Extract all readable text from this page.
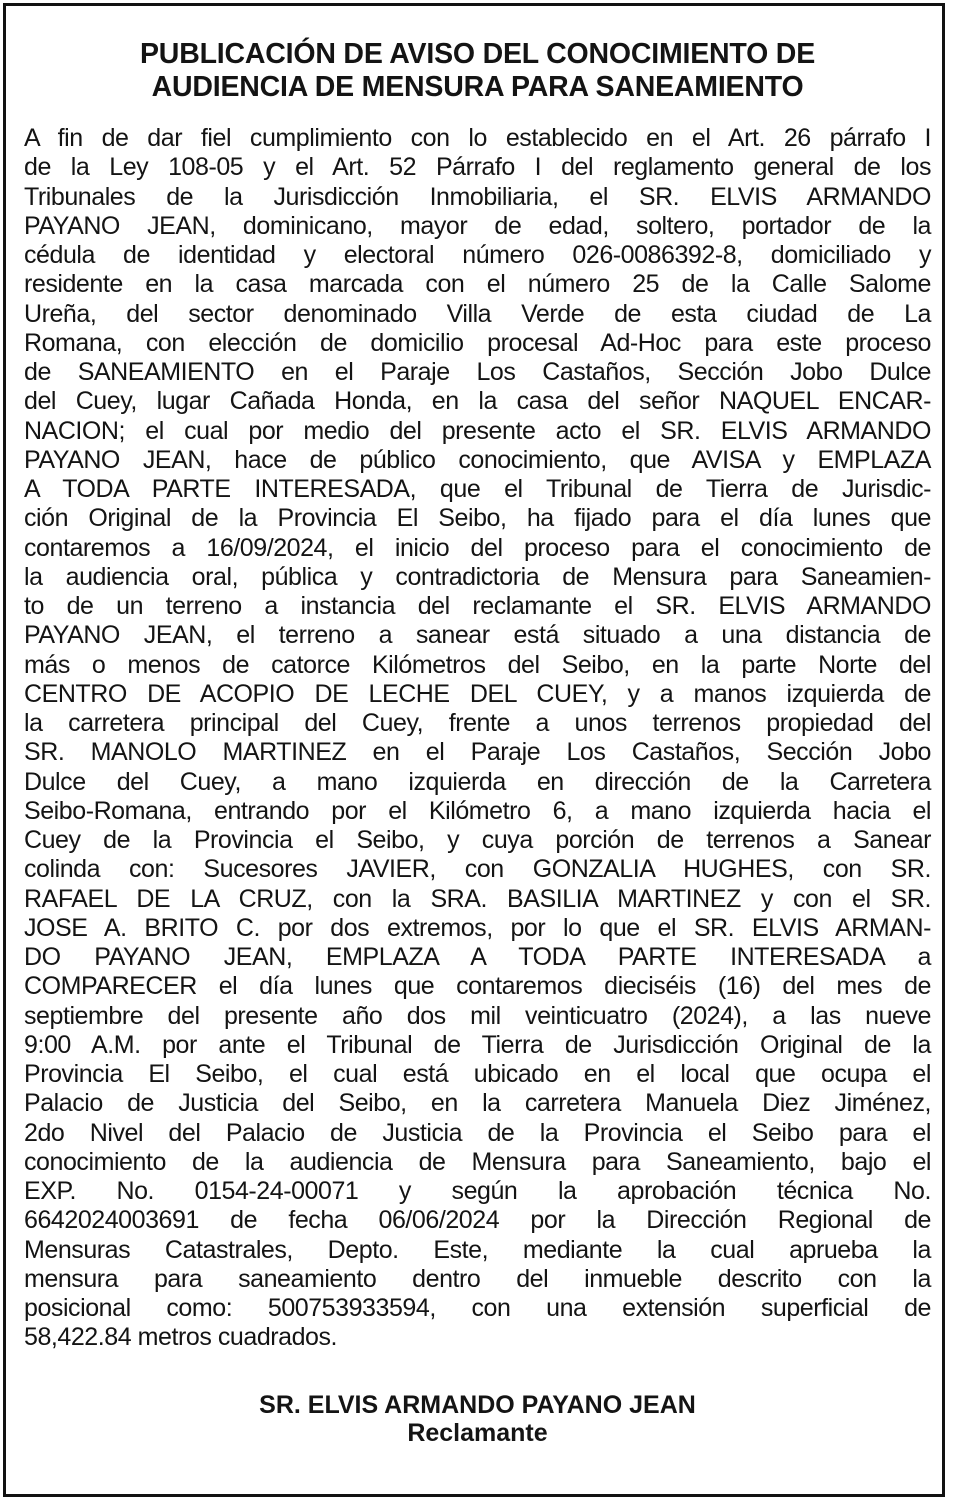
PUBLICACIÓN DE AVISO DEL CONOCIMIENTO DE
AUDIENCIA DE MENSURA PARA SANEAMIENTO
A fin de dar fiel cumplimiento con lo establecido en el Art. 26 párrafo I
de la Ley 108-05 y el Art. 52 Párrafo I del reglamento general de los
Tribunales de la Jurisdicción Inmobiliaria, el SR. ELVIS ARMANDO
PAYANO JEAN, dominicano, mayor de edad, soltero, portador de la
cédula de identidad y electoral número 026-0086392-8, domiciliado y
residente en la casa marcada con el número 25 de la Calle Salome
Ureña, del sector denominado Villa Verde de esta ciudad de La
Romana, con elección de domicilio procesal Ad-Hoc para este proceso
de SANEAMIENTO en el Paraje Los Castaños, Sección Jobo Dulce
del Cuey, lugar Cañada Honda, en la casa del señor NAQUEL ENCAR-
NACION; el cual por medio del presente acto el SR. ELVIS ARMANDO
PAYANO JEAN, hace de público conocimiento, que AVISA y EMPLAZA
A TODA PARTE INTERESADA, que el Tribunal de Tierra de Jurisdic-
ción Original de la Provincia El Seibo, ha fijado para el día lunes que
contaremos a 16/09/2024, el inicio del proceso para el conocimiento de
la audiencia oral, pública y contradictoria de Mensura para Saneamien-
to de un terreno a instancia del reclamante el SR. ELVIS ARMANDO
PAYANO JEAN, el terreno a sanear está situado a una distancia de
más o menos de catorce Kilómetros del Seibo, en la parte Norte del
CENTRO DE ACOPIO DE LECHE DEL CUEY, y a manos izquierda de
la carretera principal del Cuey, frente a unos terrenos propiedad del
SR. MANOLO MARTINEZ en el Paraje Los Castaños, Sección Jobo
Dulce del Cuey, a mano izquierda en dirección de la Carretera
Seibo-Romana, entrando por el Kilómetro 6, a mano izquierda hacia el
Cuey de la Provincia el Seibo, y cuya porción de terrenos a Sanear
colinda con: Sucesores JAVIER, con GONZALIA HUGHES, con SR.
RAFAEL DE LA CRUZ, con la SRA. BASILIA MARTINEZ y con el SR.
JOSE A. BRITO C. por dos extremos, por lo que el SR. ELVIS ARMAN-
DO PAYANO JEAN, EMPLAZA A TODA PARTE INTERESADA a
COMPARECER el día lunes que contaremos dieciséis (16) del mes de
septiembre del presente año dos mil veinticuatro (2024), a las nueve
9:00 A.M. por ante el Tribunal de Tierra de Jurisdicción Original de la
Provincia El Seibo, el cual está ubicado en el local que ocupa el
Palacio de Justicia del Seibo, en la carretera Manuela Diez Jiménez,
2do Nivel del Palacio de Justicia de la Provincia el Seibo para el
conocimiento de la audiencia de Mensura para Saneamiento, bajo el
EXP. No. 0154-24-00071 y según la aprobación técnica No.
6642024003691 de fecha 06/06/2024 por la Dirección Regional de
Mensuras Catastrales, Depto. Este, mediante la cual aprueba la
mensura para saneamiento dentro del inmueble descrito con la
posicional como: 500753933594, con una extensión superficial de
58,422.84 metros cuadrados.
SR. ELVIS ARMANDO PAYANO JEAN
Reclamante
